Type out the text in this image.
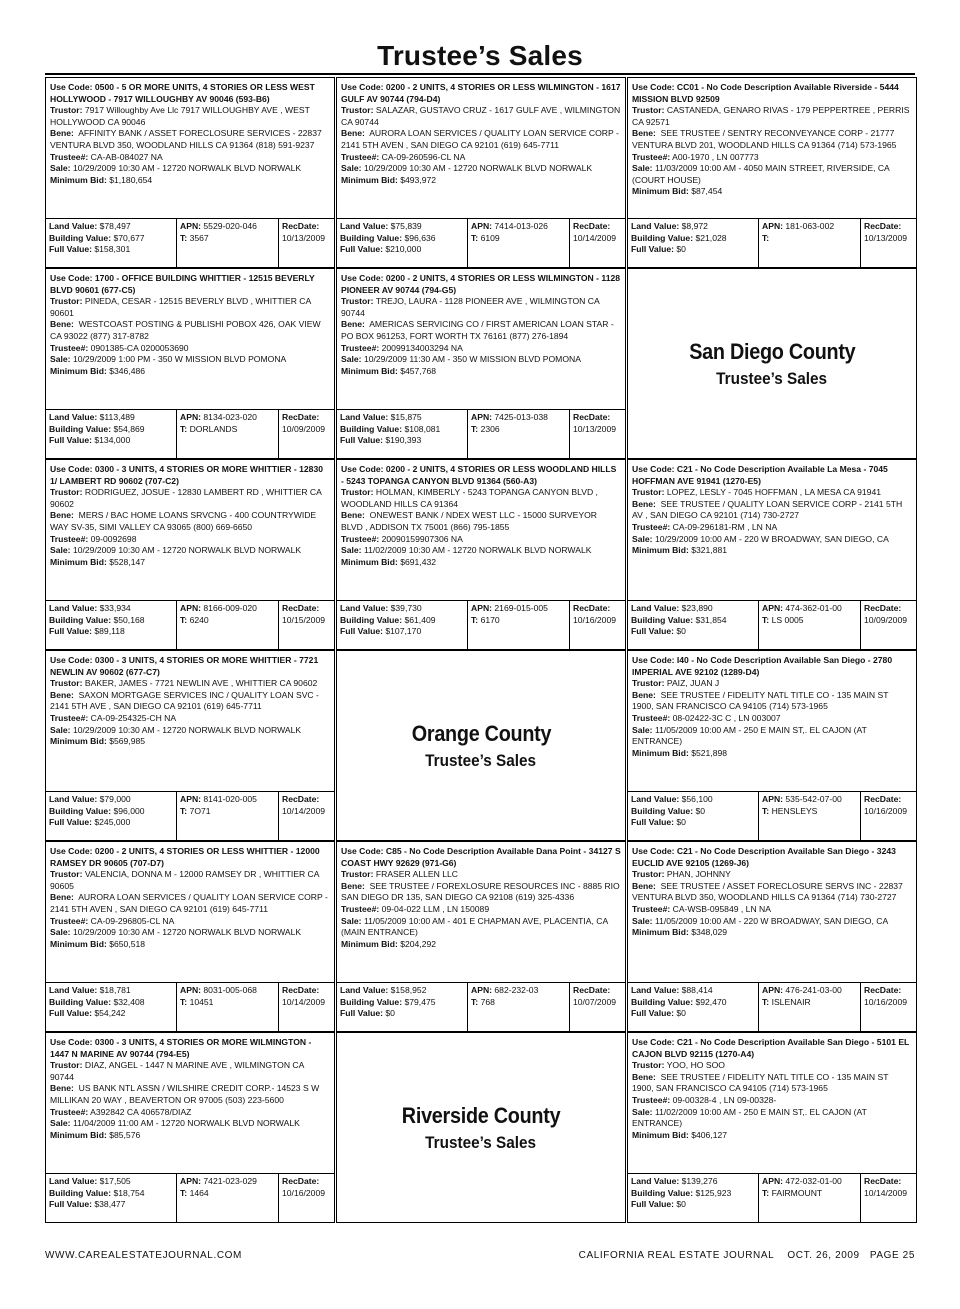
Trustee’s Sales
Use Code: 0500 - 5 OR MORE UNITS, 4 STORIES OR LESS WEST HOLLYWOOD - 7917 WILLOUGHBY AV 90046 (593-B6)
Trustor: 7917 Willoughby Ave Llc 7917 WILLOUGHBY AVE , WEST HOLLYWOOD CA 90046
Bene: AFFINITY BANK / ASSET FORECLOSURE SERVICES - 22837 VENTURA BLVD 350, WOODLAND HILLS CA 91364 (818) 591-9237
Trustee#: CA-AB-084027 NA
Sale: 10/29/2009 10:30 AM - 12720 NORWALK BLVD NORWALK
Minimum Bid: $1,180,654
Land Value: $78,497
Building Value: $70,677
Full Value: $158,301
APN: 5529-020-046
T: 3567
RecDate:
10/13/2009
Use Code: 0200 - 2 UNITS, 4 STORIES OR LESS WILMINGTON - 1617 GULF AV 90744 (794-D4)
Trustor: SALAZAR, GUSTAVO CRUZ - 1617 GULF AVE , WILMINGTON CA 90744
Bene: AURORA LOAN SERVICES / QUALITY LOAN SERVICE CORP - 2141 5TH AVEN , SAN DIEGO CA 92101 (619) 645-7711
Trustee#: CA-09-260596-CL NA
Sale: 10/29/2009 10:30 AM - 12720 NORWALK BLVD NORWALK
Minimum Bid: $493,972
Land Value: $75,839
Building Value: $96,636
Full Value: $210,000
APN: 7414-013-026
T: 6109
RecDate:
10/14/2009
Use Code: CC01 - No Code Description Available Riverside - 5444 MISSION BLVD 92509
Trustor: CASTANEDA, GENARO RIVAS - 179 PEPPERTREE , PERRIS CA 92571
Bene: SEE TRUSTEE / SENTRY RECONVEYANCE CORP - 21777 VENTURA BLVD 201, WOODLAND HILLS CA 91364 (714) 573-1965
Trustee#: A00-1970 , LN 007773
Sale: 11/03/2009 10:00 AM - 4050 MAIN STREET, RIVERSIDE, CA (COURT HOUSE)
Minimum Bid: $87,454
Land Value: $8,972
Building Value: $21,028
Full Value: $0
APN: 181-063-002
T:
RecDate:
10/13/2009
Use Code: 1700 - OFFICE BUILDING WHITTIER - 12515 BEVERLY BLVD 90601 (677-C5)
Trustor: PINEDA, CESAR - 12515 BEVERLY BLVD , WHITTIER CA 90601
Bene: WESTCOAST POSTING & PUBLISHI POBOX 426, OAK VIEW CA 93022 (877) 317-8782
Trustee#: 0901385-CA 0200053690
Sale: 10/29/2009 1:00 PM - 350 W MISSION BLVD POMONA
Minimum Bid: $346,486
Land Value: $113,489
Building Value: $54,869
Full Value: $134,000
APN: 8134-023-020
T: DORLANDS
RecDate:
10/09/2009
Use Code: 0200 - 2 UNITS, 4 STORIES OR LESS WILMINGTON - 1128 PIONEER AV 90744 (794-G5)
Trustor: TREJO, LAURA - 1128 PIONEER AVE , WILMINGTON CA 90744
Bene: AMERICAS SERVICING CO / FIRST AMERICAN LOAN STAR - PO BOX 961253, FORT WORTH TX 76161 (877) 276-1894
Trustee#: 20099134003294 NA
Sale: 10/29/2009 11:30 AM - 350 W MISSION BLVD POMONA
Minimum Bid: $457,768
Land Value: $15,875
Building Value: $108,081
Full Value: $190,393
APN: 7425-013-038
T: 2306
RecDate:
10/13/2009
San Diego County
Trustee’s Sales
Use Code: 0300 - 3 UNITS, 4 STORIES OR MORE WHITTIER - 12830 1/ LAMBERT RD 90602 (707-C2)
Trustor: RODRIGUEZ, JOSUE - 12830 LAMBERT RD , WHITTIER CA 90602
Bene: MERS / BAC HOME LOANS SRVCNG - 400 COUNTRYWIDE WAY SV-35, SIMI VALLEY CA 93065 (800) 669-6650
Trustee#: 09-0092698
Sale: 10/29/2009 10:30 AM - 12720 NORWALK BLVD NORWALK
Minimum Bid: $528,147
Land Value: $33,934
Building Value: $50,168
Full Value: $89,118
APN: 8166-009-020
T: 6240
RecDate:
10/15/2009
Use Code: 0200 - 2 UNITS, 4 STORIES OR LESS WOODLAND HILLS - 5243 TOPANGA CANYON BLVD 91364 (560-A3)
Trustor: HOLMAN, KIMBERLY - 5243 TOPANGA CANYON BLVD , WOODLAND HILLS CA 91364
Bene: ONEWEST BANK / NDEX WEST LLC - 15000 SURVEYOR BLVD , ADDISON TX 75001 (866) 795-1855
Trustee#: 20090159907306 NA
Sale: 11/02/2009 10:30 AM - 12720 NORWALK BLVD NORWALK
Minimum Bid: $691,432
Land Value: $39,730
Building Value: $61,409
Full Value: $107,170
APN: 2169-015-005
T: 6170
RecDate:
10/16/2009
Use Code: C21 - No Code Description Available La Mesa - 7045 HOFFMAN AVE 91941 (1270-E5)
Trustor: LOPEZ, LESLY - 7045 HOFFMAN , LA MESA CA 91941
Bene: SEE TRUSTEE / QUALITY LOAN SERVICE CORP - 2141 5TH AV , SAN DIEGO CA 92101 (714) 730-2727
Trustee#: CA-09-296181-RM , LN NA
Sale: 10/29/2009 10:00 AM - 220 W BROADWAY, SAN DIEGO, CA
Minimum Bid: $321,881
Land Value: $23,890
Building Value: $31,854
Full Value: $0
APN: 474-362-01-00
T: LS 0005
RecDate:
10/09/2009
Use Code: 0300 - 3 UNITS, 4 STORIES OR MORE WHITTIER - 7721 NEWLIN AV 90602 (677-C7)
Trustor: BAKER, JAMES - 7721 NEWLIN AVE , WHITTIER CA 90602
Bene: SAXON MORTGAGE SERVICES INC / QUALITY LOAN SVC - 2141 5TH AVE , SAN DIEGO CA 92101 (619) 645-7711
Trustee#: CA-09-254325-CH NA
Sale: 10/29/2009 10:30 AM - 12720 NORWALK BLVD NORWALK
Minimum Bid: $569,985
Land Value: $79,000
Building Value: $96,000
Full Value: $245,000
APN: 8141-020-005
T: 7O71
RecDate:
10/14/2009
Orange County
Trustee’s Sales
Use Code: I40 - No Code Description Available San Diego - 2780 IMPERIAL AVE 92102 (1289-D4)
Trustor: PAIZ, JUAN J
Bene: SEE TRUSTEE / FIDELITY NATL TITLE CO - 135 MAIN ST 1900, SAN FRANCISCO CA 94105 (714) 573-1965
Trustee#: 08-02422-3C C , LN 003007
Sale: 11/05/2009 10:00 AM - 250 E MAIN ST,. EL CAJON (AT ENTRANCE)
Minimum Bid: $521,898
Land Value: $56,100
Building Value: $0
Full Value: $0
APN: 535-542-07-00
T: HENSLEYS
RecDate:
10/16/2009
Use Code: 0200 - 2 UNITS, 4 STORIES OR LESS WHITTIER - 12000 RAMSEY DR 90605 (707-D7)
Trustor: VALENCIA, DONNA M - 12000 RAMSEY DR , WHITTIER CA 90605
Bene: AURORA LOAN SERVICES / QUALITY LOAN SERVICE CORP - 2141 5TH AVEN , SAN DIEGO CA 92101 (619) 645-7711
Trustee#: CA-09-296805-CL NA
Sale: 10/29/2009 10:30 AM - 12720 NORWALK BLVD NORWALK
Minimum Bid: $650,518
Land Value: $18,781
Building Value: $32,408
Full Value: $54,242
APN: 8031-005-068
T: 10451
RecDate:
10/14/2009
Use Code: C85 - No Code Description Available Dana Point - 34127 S COAST HWY 92629 (971-G6)
Trustor: FRASER ALLEN LLC
Bene: SEE TRUSTEE / FOREXLOSURE RESOURCES INC - 8885 RIO SAN DIEGO DR 135, SAN DIEGO CA 92108 (619) 325-4336
Trustee#: 09-04-022 LLM , LN 150089
Sale: 11/05/2009 10:00 AM - 401 E CHAPMAN AVE, PLACENTIA, CA (MAIN ENTRANCE)
Minimum Bid: $204,292
Land Value: $158,952
Building Value: $79,475
Full Value: $0
APN: 682-232-03
T: 768
RecDate:
10/07/2009
Use Code: C21 - No Code Description Available San Diego - 3243 EUCLID AVE 92105 (1269-J6)
Trustor: PHAN, JOHNNY
Bene: SEE TRUSTEE / ASSET FORECLOSURE SERVS INC - 22837 VENTURA BLVD 350, WOODLAND HILLS CA 91364 (714) 730-2727
Trustee#: CA-WSB-095849 , LN NA
Sale: 11/05/2009 10:00 AM - 220 W BROADWAY, SAN DIEGO, CA
Minimum Bid: $348,029
Land Value: $88,414
Building Value: $92,470
Full Value: $0
APN: 476-241-03-00
T: ISLENAIR
RecDate:
10/16/2009
Use Code: 0300 - 3 UNITS, 4 STORIES OR MORE WILMINGTON - 1447 N MARINE AV 90744 (794-E5)
Trustor: DIAZ, ANGEL - 1447 N MARINE AVE , WILMINGTON CA 90744
Bene: US BANK NTL ASSN / WILSHIRE CREDIT CORP.- 14523 S W MILLIKAN 20 WAY , BEAVERTON OR 97005 (503) 223-5600
Trustee#: A392842 CA 406578/DIAZ
Sale: 11/04/2009 11:00 AM - 12720 NORWALK BLVD NORWALK
Minimum Bid: $85,576
Land Value: $17,505
Building Value: $18,754
Full Value: $38,477
APN: 7421-023-029
T: 1464
RecDate:
10/16/2009
Riverside County
Trustee’s Sales
Use Code: C21 - No Code Description Available San Diego - 5101 EL CAJON BLVD 92115 (1270-A4)
Trustor: YOO, HO SOO
Bene: SEE TRUSTEE / FIDELITY NATL TITLE CO - 135 MAIN ST 1900, SAN FRANCISCO CA 94105 (714) 573-1965
Trustee#: 09-00328-4 , LN 09-00328-
Sale: 11/02/2009 10:00 AM - 250 E MAIN ST,. EL CAJON (AT ENTRANCE)
Minimum Bid: $406,127
Land Value: $139,276
Building Value: $125,923
Full Value: $0
APN: 472-032-01-00
T: FAIRMOUNT
RecDate:
10/14/2009
WWW.CAREALESTATEJOURNAL.COM	CALIFORNIA REAL ESTATE JOURNAL    OCT. 26, 2009   PAGE 25
